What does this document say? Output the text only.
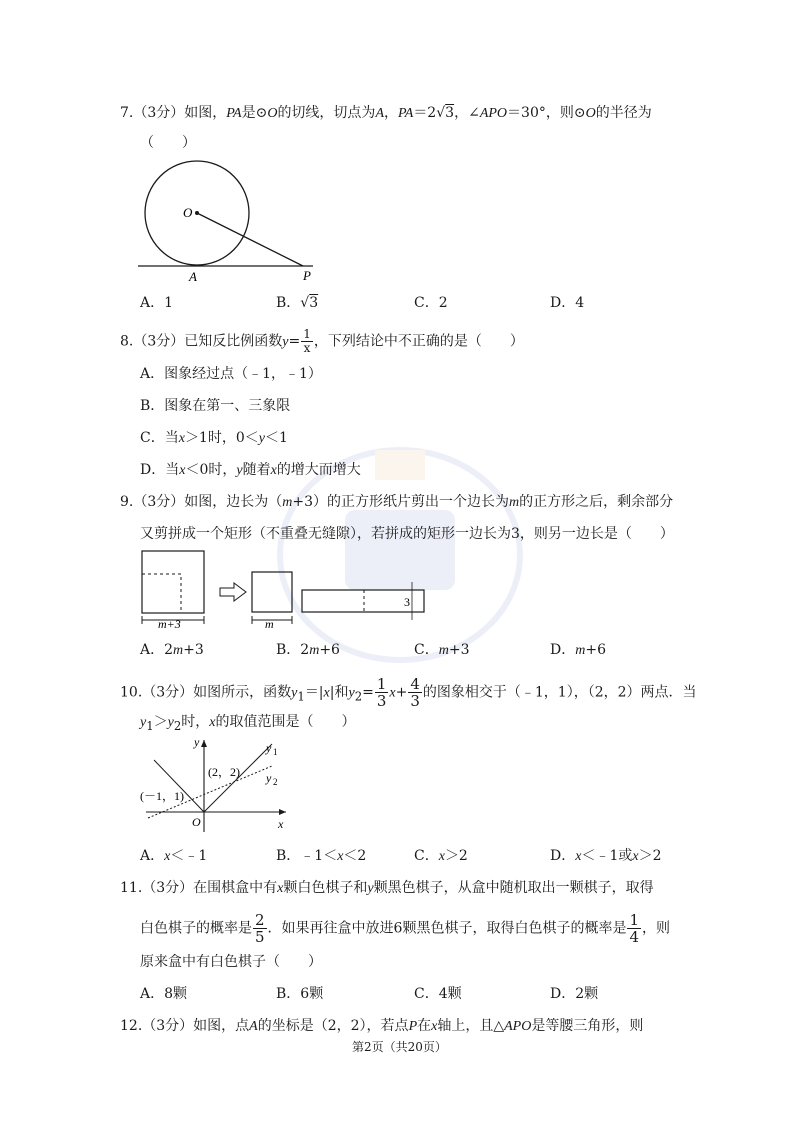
7.（3分）如图，PA是⊙O的切线，切点为A，PA＝2√3，∠APO＝30°，则⊙O的半径为
（　　）
O
A	P
A．1	B．√3	C．2	D．4
8.（3分）已知反比例函数$y= \frac{1}{x}$ ，下列结论中不正确的是（　　）
A．图象经过点（﹣1，﹣1）
B．图象在第一、三象限
C．当x＞1时，0＜y＜1
D．当x＜0时，y随着x的增大而增大
9.（3分）如图，边长为（m+3）的正方形纸片剪出一个边长为m的正方形之后，剩余部分
又剪拼成一个矩形（不重叠无缝隙），若拼成的矩形一边长为3，则另一边长是（　　）
m+3	m
3
A．2m+3	B．2m+6	C．m+3	D．m+6
10.（3分）如图所示，函数$y_1=|x|$和$y_2= \frac{1}{3} x+ \frac{4}{3}$ 的图象相交于（﹣1，1），（2，2）两点．当
$y_1>y_2$时，x的取值范围是（　　）
y	y 1
y 2
(2，2)
(－1，1)
O	x
A．x＜﹣1	B．﹣1＜x＜2	C．x＞2	D．x＜﹣1或x＞2
11.（3分）在围棋盒中有x颗白色棋子和y颗黑色棋子，从盒中随机取出一颗棋子，取得
白色棋子的概率是 $\frac{2}{5}$ ．如果再往盒中放进6颗黑色棋子，取得白色棋子的概率是 $\frac{1}{4}$ ，则
原来盒中有白色棋子（　　）
A．8颗	B．6颗	C．4颗	D．2颗
12.（3分）如图，点A的坐标是（2，2），若点P在x轴上，且△APO是等腰三角形，则
第2页（共20页）
